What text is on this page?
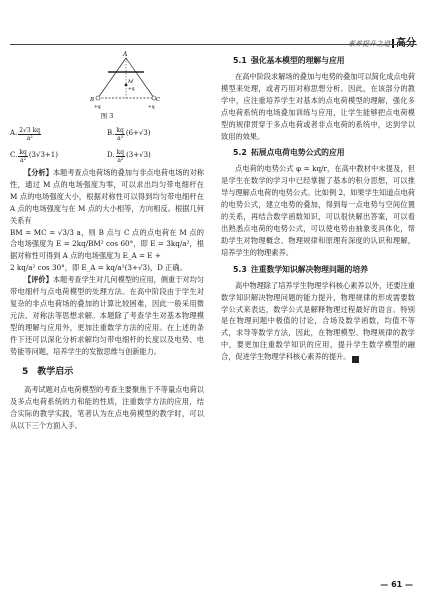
素养提升之道 高分
A
M
+q
B
+q
C
+q
图 3
A. $\frac{2√3 kq}{\text{a²}}$	B. $\frac{kq}{\text{a²}} (6+√3)$
C. $\frac{kq}{\text{a²}} (3√3+1)$	D. $\frac{kq}{\text{a²}} (3+√3)$

【分析】本题考查点电荷场的叠加与非点电荷电场的对称性，通过 M 点的电场强度为零，可以求出均匀带电细杆在 M 点的电场强度大小，根据对称性可以得到均匀带电细杆在 A 点的电场强度与在 M 点的大小相等，方向相反。根据几何关系有

BM = MC = √3/3 a，则 B 点与 C 点的点电荷在 M 点的合电场强度为 E = 2kq/BM² cos 60°，即 E = 3kq/a²，根据对称性可得到 A 点的电场强度为 E_A = E +

2 kq/a² cos 30°，即 E_A = kq/a²(3+√3)，D 正确。

【评价】本题考查学生对几何模型的应用，侧重于对均匀带电细杆与点电荷模型的处理方法。在高中阶段由于学生对复杂的非点电荷场的叠加的计算比较困难，因此一般采用微元法、对称法等思想求解。本题除了考查学生对基本物理模型的理解与应用外，更加注重数学方法的应用。在上述的条件下还可以深化分析求解均匀带电细杆的长度以及电势、电势能等问题，培养学生的发散思维与创新能力。

5　教学启示

高考试题对点电荷模型的考查主要聚焦于不等量点电荷以及多点电荷系统的力和能的性质，注重数学方法的应用，结合实际的教学实践，笔者认为在点电荷模型的教学时，可以从以下三个方面入手。

5.1 强化基本模型的理解与应用

在高中阶段求解场的叠加与电势的叠加可以简化成点电荷模型来处理，或者巧用对称思想分析。因此，在该部分的教学中，应注重培养学生对基本的点电荷模型的理解，强化多点电荷系统的电场叠加训练与应用，让学生能够把点电荷模型的规律贯穿于多点电荷或者非点电荷的系统中，达到学以致用的效果。

5.2 拓展点电荷电势公式的应用

点电荷的电势公式 φ = kq/r，在高中教材中未提及，但是学生在数学的学习中已经掌握了基本的积分思想，可以推导与理解点电荷的电势公式。比如例 2，如果学生知道点电荷的电势公式，建立电势的叠加，得到每一点电势与空间位置的关系，再结合数学函数知识，可以很快解出答案，可以看出熟悉点电荷的电势公式，可以使电势由抽象变具体化，帮助学生对物理概念、物理规律和原理有深度的认识和理解，培养学生的物理素养。

5.3 注重数学知识解决物理问题的培养

高中物理除了培养学生物理学科核心素养以外，还要注重数学知识解决物理问题的能力提升，物理规律的形成需要数学公式来表达，数学公式是解释物理过程最好的语言。特别是在物理问题中极值的讨论，合场及数学函数，均值不等式，求导等数学方法，因此，在物理模型、物理规律的教学中，要更加注重数学知识的应用，提升学生数学模型的融合，促进学生物理学科核心素养的提升。	■

— 61 —
